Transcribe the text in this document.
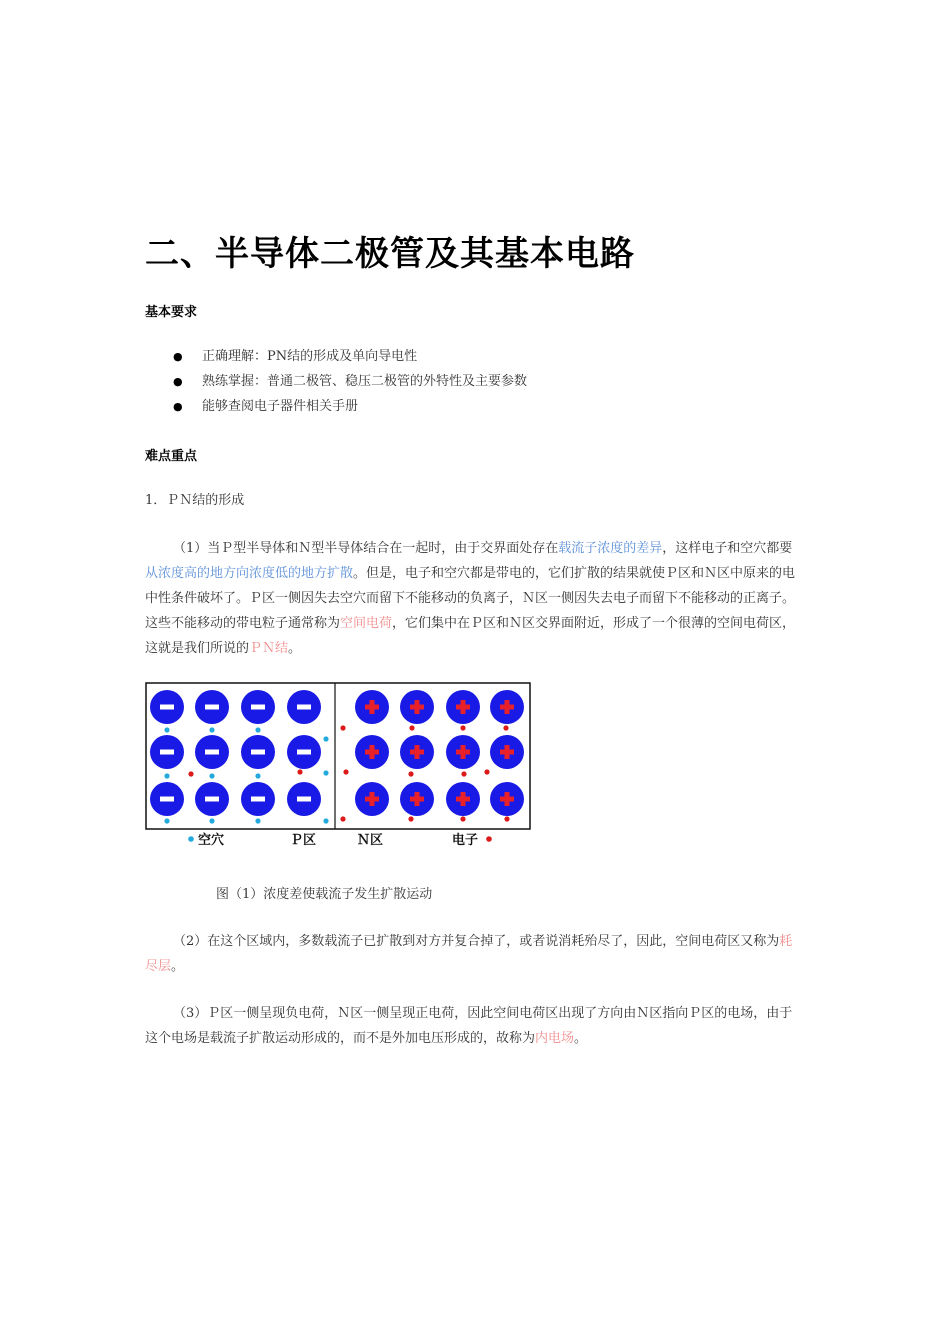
二、半导体二极管及其基本电路
基本要求
● 正确理解：PN结的形成及单向导电性
● 熟练掌握：普通二极管、稳压二极管的外特性及主要参数
● 能够查阅电子器件相关手册
难点重点

1．ＰＮ结的形成

（1）当Ｐ型半导体和Ｎ型半导体结合在一起时，由于交界面处存在载流子浓度的差异，这样电子和空穴都要从浓度高的地方向浓度低的地方扩散。但是，电子和空穴都是带电的，它们扩散的结果就使Ｐ区和Ｎ区中原来的电中性条件破坏了。Ｐ区一侧因失去空穴而留下不能移动的负离子，Ｎ区一侧因失去电子而留下不能移动的正离子。这些不能移动的带电粒子通常称为空间电荷，它们集中在Ｐ区和Ｎ区交界面附近，形成了一个很薄的空间电荷区，这就是我们所说的ＰＮ结。

空穴	Ｐ区	Ｎ区	电子

图（1）浓度差使载流子发生扩散运动

（2）在这个区域内，多数载流子已扩散到对方并复合掉了，或者说消耗殆尽了，因此，空间电荷区又称为耗尽层。

（3）Ｐ区一侧呈现负电荷，Ｎ区一侧呈现正电荷，因此空间电荷区出现了方向由Ｎ区指向Ｐ区的电场，由于这个电场是载流子扩散运动形成的，而不是外加电压形成的，故称为内电场。
